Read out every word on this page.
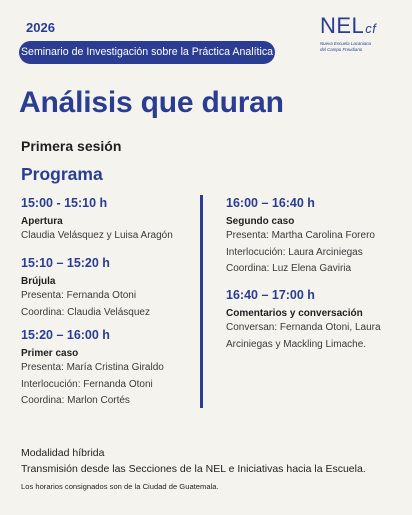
2026
Seminario de Investigación sobre la Práctica Analítica
NELcf
Nueva Escuela Lacaniana
del Campo Freudiano
Análisis que duran
Primera sesión
Programa
15:00 - 15:10 h
Apertura
Claudia Velásquez y Luisa Aragón
15:10 – 15:20 h
Brújula
Presenta: Fernanda Otoni
Coordina: Claudia Velásquez
15:20 – 16:00 h
Primer caso
Presenta: María Cristina Giraldo
Interlocución: Fernanda Otoni
Coordina: Marlon Cortés
16:00 – 16:40 h
Segundo caso
Presenta: Martha Carolina Forero
Interlocución: Laura Arciniegas
Coordina: Luz Elena Gaviria
16:40 – 17:00 h
Comentarios y conversación
Conversan: Fernanda Otoni, Laura
Arciniegas y Mackling Limache.
Modalidad híbrida
Transmisión desde las Secciones de la NEL e Iniciativas hacia la Escuela.
Los horarios consignados son de la Ciudad de Guatemala.
